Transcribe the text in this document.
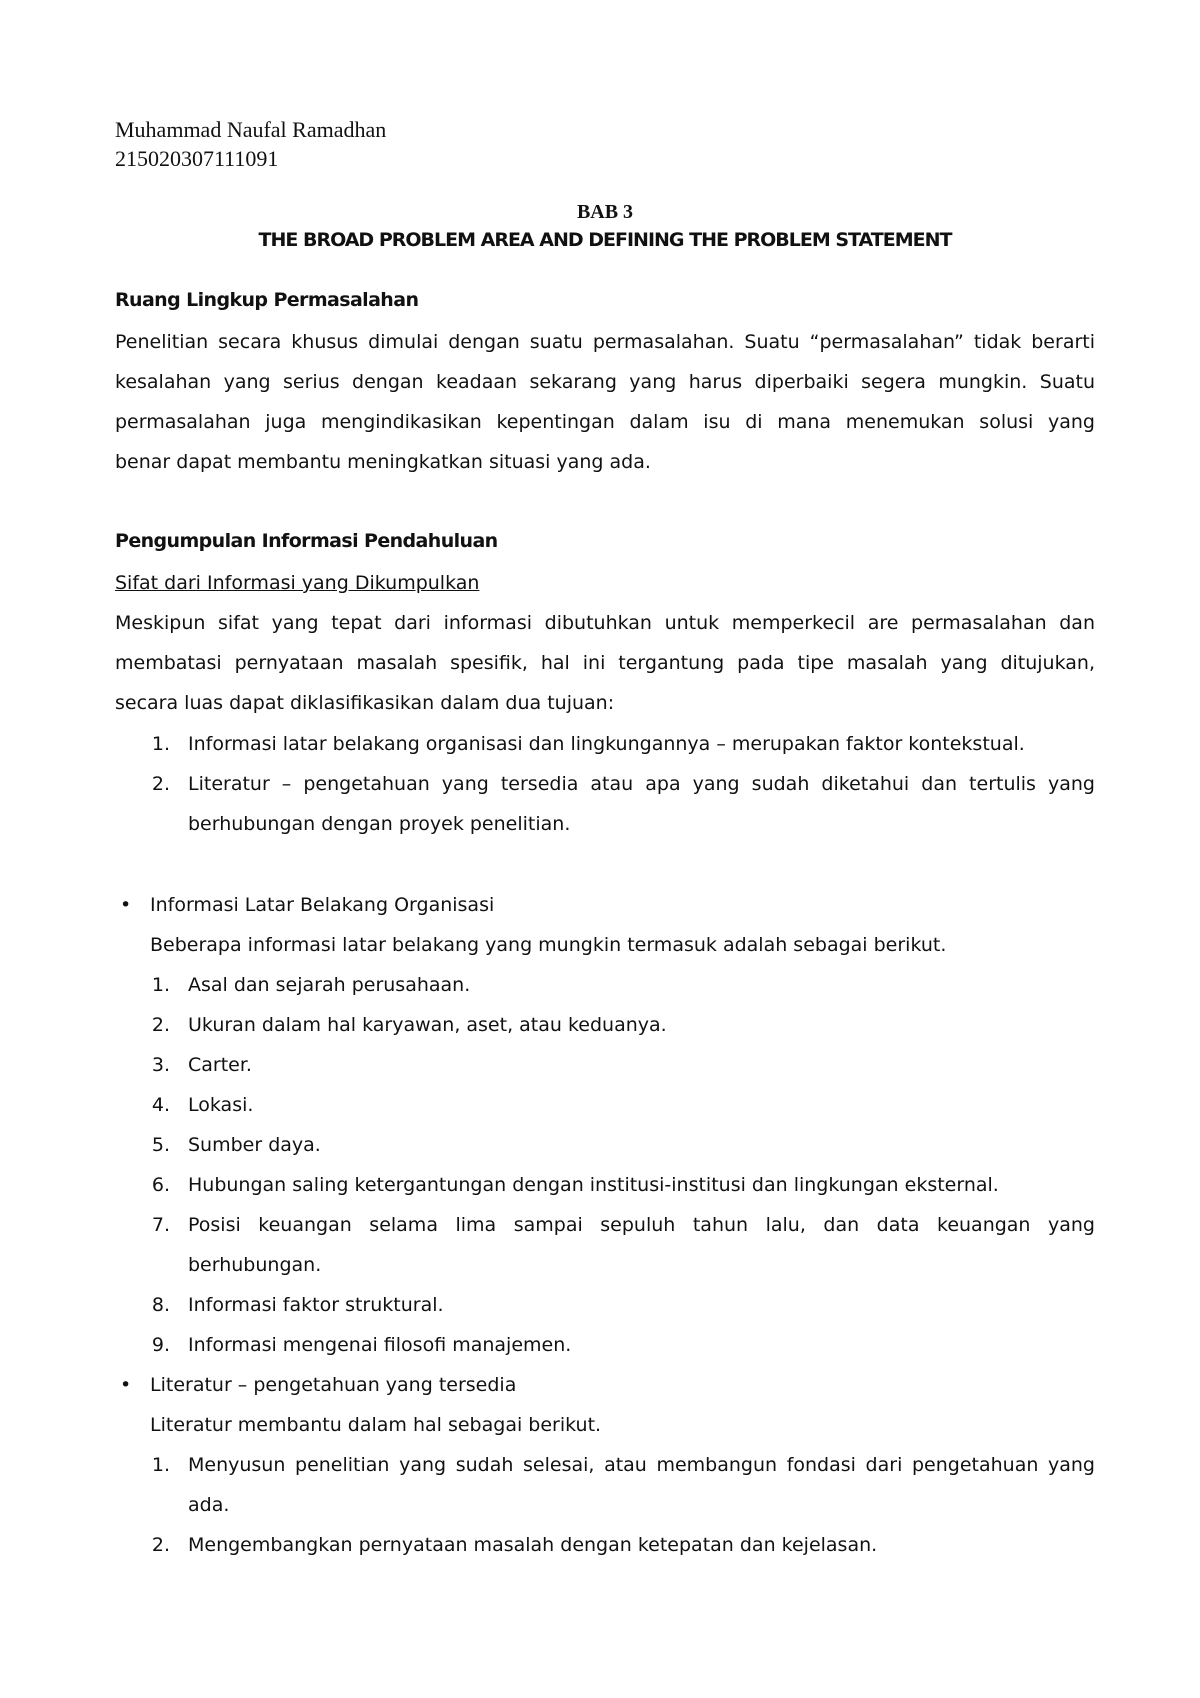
Muhammad Naufal Ramadhan
215020307111091
BAB 3
THE BROAD PROBLEM AREA AND DEFINING THE PROBLEM STATEMENT
Ruang Lingkup Permasalahan
Penelitian secara khusus dimulai dengan suatu permasalahan. Suatu “permasalahan” tidak berarti
kesalahan yang serius dengan keadaan sekarang yang harus diperbaiki segera mungkin. Suatu
permasalahan juga mengindikasikan kepentingan dalam isu di mana menemukan solusi yang
benar dapat membantu meningkatkan situasi yang ada.
Pengumpulan Informasi Pendahuluan
Sifat dari Informasi yang Dikumpulkan
Meskipun sifat yang tepat dari informasi dibutuhkan untuk memperkecil are permasalahan dan
membatasi pernyataan masalah spesifik, hal ini tergantung pada tipe masalah yang ditujukan,
secara luas dapat diklasifikasikan dalam dua tujuan:
1. Informasi latar belakang organisasi dan lingkungannya – merupakan faktor kontekstual.
2. Literatur – pengetahuan yang tersedia atau apa yang sudah diketahui dan tertulis yang
berhubungan dengan proyek penelitian.
• Informasi Latar Belakang Organisasi
Beberapa informasi latar belakang yang mungkin termasuk adalah sebagai berikut.
1. Asal dan sejarah perusahaan.
2. Ukuran dalam hal karyawan, aset, atau keduanya.
3. Carter.
4. Lokasi.
5. Sumber daya.
6. Hubungan saling ketergantungan dengan institusi-institusi dan lingkungan eksternal.
7. Posisi keuangan selama lima sampai sepuluh tahun lalu, dan data keuangan yang
berhubungan.
8. Informasi faktor struktural.
9. Informasi mengenai filosofi manajemen.
• Literatur – pengetahuan yang tersedia
Literatur membantu dalam hal sebagai berikut.
1. Menyusun penelitian yang sudah selesai, atau membangun fondasi dari pengetahuan yang
ada.
2. Mengembangkan pernyataan masalah dengan ketepatan dan kejelasan.
